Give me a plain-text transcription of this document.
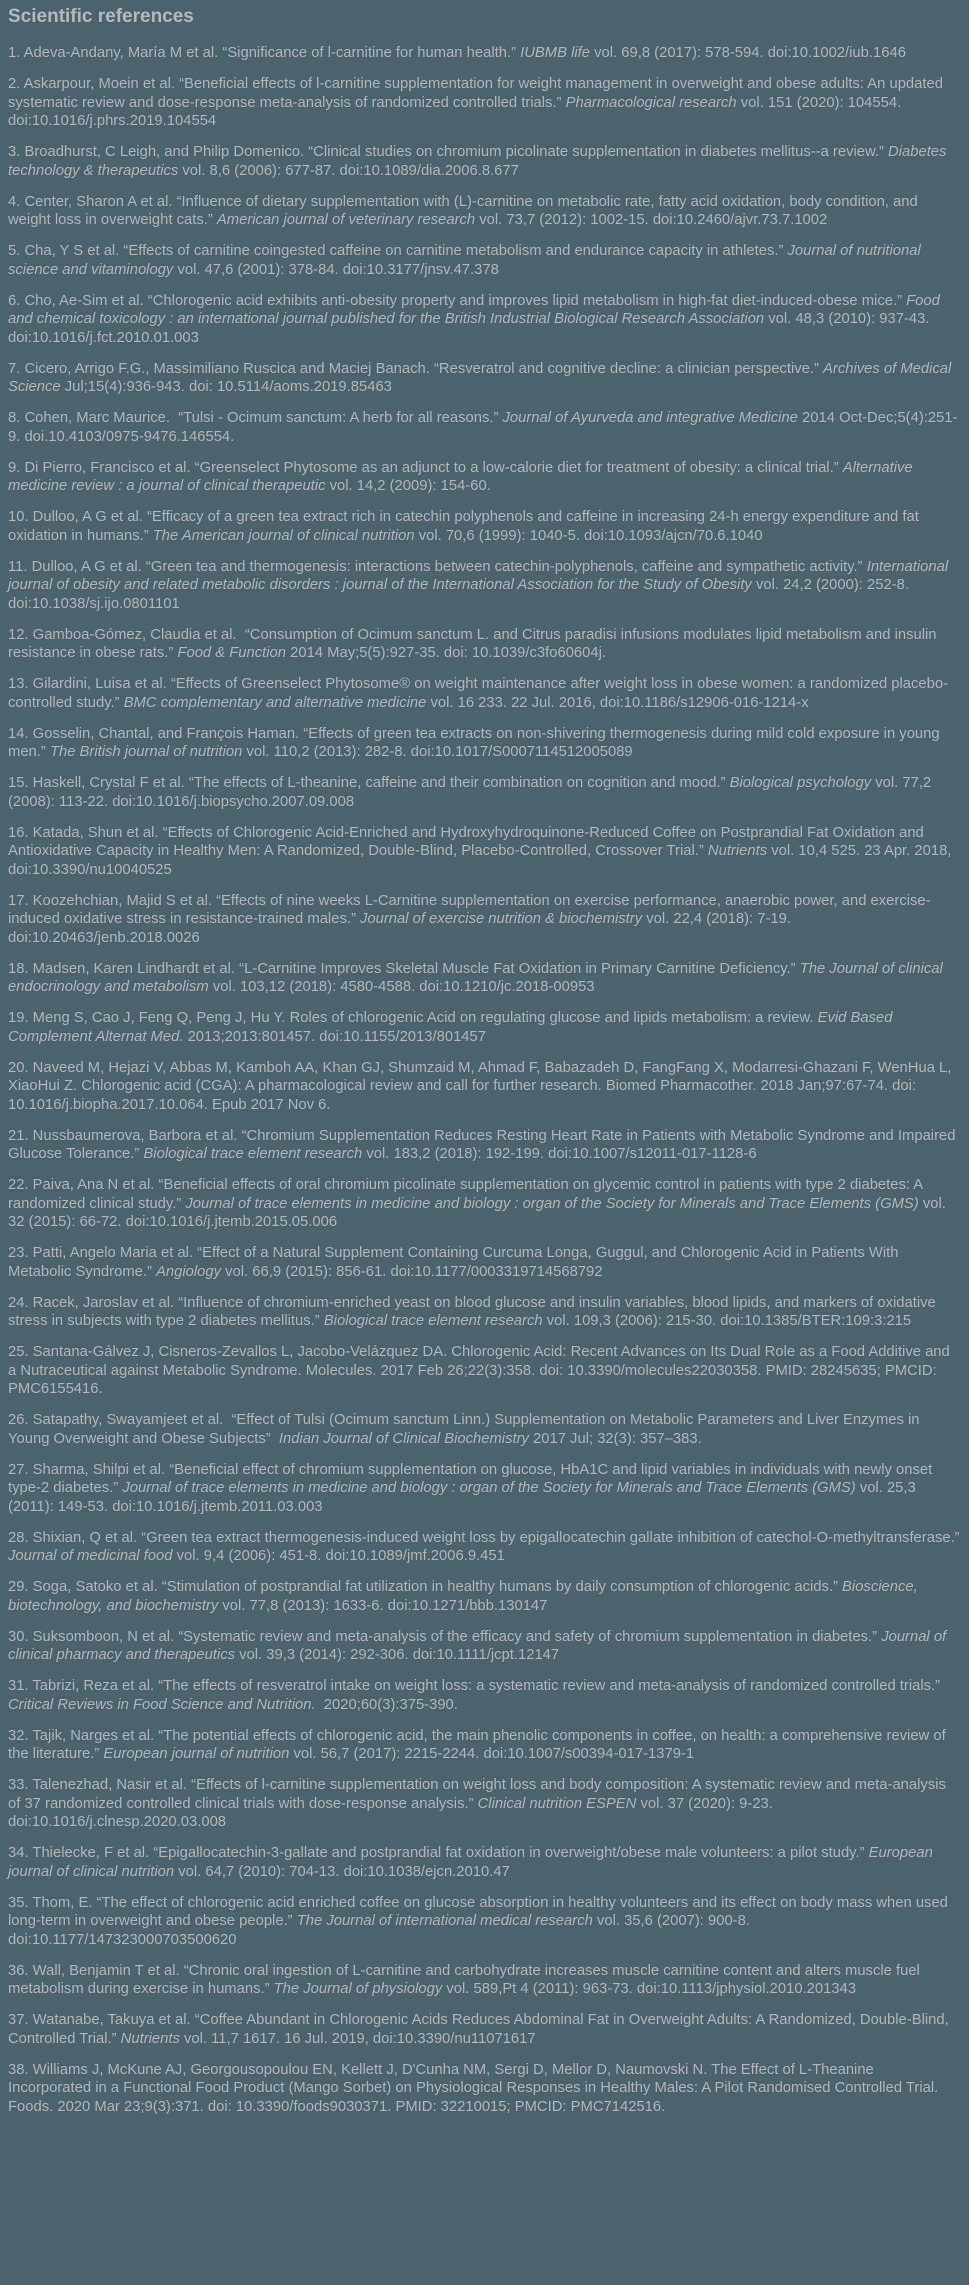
Scientific references

1. Adeva-Andany, María M et al. “Significance of l-carnitine for human health.” IUBMB life vol. 69,8 (2017): 578-594. doi:10.1002/iub.1646

2. Askarpour, Moein et al. “Beneficial effects of l-carnitine supplementation for weight management in overweight and obese adults: An updated systematic review and dose-response meta-analysis of randomized controlled trials.” Pharmacological research vol. 151 (2020): 104554. doi:10.1016/j.phrs.2019.104554

3. Broadhurst, C Leigh, and Philip Domenico. “Clinical studies on chromium picolinate supplementation in diabetes mellitus--a review.” Diabetes technology & therapeutics vol. 8,6 (2006): 677-87. doi:10.1089/dia.2006.8.677

4. Center, Sharon A et al. “Influence of dietary supplementation with (L)-carnitine on metabolic rate, fatty acid oxidation, body condition, and weight loss in overweight cats.” American journal of veterinary research vol. 73,7 (2012): 1002-15. doi:10.2460/ajvr.73.7.1002

5. Cha, Y S et al. “Effects of carnitine coingested caffeine on carnitine metabolism and endurance capacity in athletes.” Journal of nutritional science and vitaminology vol. 47,6 (2001): 378-84. doi:10.3177/jnsv.47.378

6. Cho, Ae-Sim et al. “Chlorogenic acid exhibits anti-obesity property and improves lipid metabolism in high-fat diet-induced-obese mice.” Food and chemical toxicology : an international journal published for the British Industrial Biological Research Association vol. 48,3 (2010): 937-43. doi:10.1016/j.fct.2010.01.003

7. Cicero, Arrigo F.G., Massimiliano Ruscica and Maciej Banach. “Resveratrol and cognitive decline: a clinician perspective.” Archives of Medical Science Jul;15(4):936-943. doi: 10.5114/aoms.2019.85463

8. Cohen, Marc Maurice.  “Tulsi - Ocimum sanctum: A herb for all reasons.” Journal of Ayurveda and integrative Medicine 2014 Oct-Dec;5(4):251-9. doi.10.4103/0975-9476.146554.

9. Di Pierro, Francisco et al. “Greenselect Phytosome as an adjunct to a low-calorie diet for treatment of obesity: a clinical trial.” Alternative medicine review : a journal of clinical therapeutic vol. 14,2 (2009): 154-60.

10. Dulloo, A G et al. “Efficacy of a green tea extract rich in catechin polyphenols and caffeine in increasing 24-h energy expenditure and fat oxidation in humans.” The American journal of clinical nutrition vol. 70,6 (1999): 1040-5. doi:10.1093/ajcn/70.6.1040

11. Dulloo, A G et al. “Green tea and thermogenesis: interactions between catechin-polyphenols, caffeine and sympathetic activity.” International journal of obesity and related metabolic disorders : journal of the International Association for the Study of Obesity vol. 24,2 (2000): 252-8. doi:10.1038/sj.ijo.0801101

12. Gamboa-Gómez, Claudia et al.  “Consumption of Ocimum sanctum L. and Citrus paradisi infusions modulates lipid metabolism and insulin resistance in obese rats.” Food & Function 2014 May;5(5):927-35. doi: 10.1039/c3fo60604j.

13. Gilardini, Luisa et al. “Effects of Greenselect Phytosome® on weight maintenance after weight loss in obese women: a randomized placebo-controlled study.” BMC complementary and alternative medicine vol. 16 233. 22 Jul. 2016, doi:10.1186/s12906-016-1214-x

14. Gosselin, Chantal, and François Haman. “Effects of green tea extracts on non-shivering thermogenesis during mild cold exposure in young men.” The British journal of nutrition vol. 110,2 (2013): 282-8. doi:10.1017/S0007114512005089

15. Haskell, Crystal F et al. “The effects of L-theanine, caffeine and their combination on cognition and mood.” Biological psychology vol. 77,2 (2008): 113-22. doi:10.1016/j.biopsycho.2007.09.008

16. Katada, Shun et al. “Effects of Chlorogenic Acid-Enriched and Hydroxyhydroquinone-Reduced Coffee on Postprandial Fat Oxidation and Antioxidative Capacity in Healthy Men: A Randomized, Double-Blind, Placebo-Controlled, Crossover Trial.” Nutrients vol. 10,4 525. 23 Apr. 2018, doi:10.3390/nu10040525

17. Koozehchian, Majid S et al. “Effects of nine weeks L-Carnitine supplementation on exercise performance, anaerobic power, and exercise-induced oxidative stress in resistance-trained males.” Journal of exercise nutrition & biochemistry vol. 22,4 (2018): 7-19. doi:10.20463/jenb.2018.0026

18. Madsen, Karen Lindhardt et al. “L-Carnitine Improves Skeletal Muscle Fat Oxidation in Primary Carnitine Deficiency.” The Journal of clinical endocrinology and metabolism vol. 103,12 (2018): 4580-4588. doi:10.1210/jc.2018-00953

19. Meng S, Cao J, Feng Q, Peng J, Hu Y. Roles of chlorogenic Acid on regulating glucose and lipids metabolism: a review. Evid Based Complement Alternat Med. 2013;2013:801457. doi:10.1155/2013/801457

20. Naveed M, Hejazi V, Abbas M, Kamboh AA, Khan GJ, Shumzaid M, Ahmad F, Babazadeh D, FangFang X, Modarresi-Ghazani F, WenHua L, XiaoHui Z. Chlorogenic acid (CGA): A pharmacological review and call for further research. Biomed Pharmacother. 2018 Jan;97:67-74. doi: 10.1016/j.biopha.2017.10.064. Epub 2017 Nov 6.

21. Nussbaumerova, Barbora et al. “Chromium Supplementation Reduces Resting Heart Rate in Patients with Metabolic Syndrome and Impaired Glucose Tolerance.” Biological trace element research vol. 183,2 (2018): 192-199. doi:10.1007/s12011-017-1128-6

22. Paiva, Ana N et al. “Beneficial effects of oral chromium picolinate supplementation on glycemic control in patients with type 2 diabetes: A randomized clinical study.” Journal of trace elements in medicine and biology : organ of the Society for Minerals and Trace Elements (GMS) vol. 32 (2015): 66-72. doi:10.1016/j.jtemb.2015.05.006

23. Patti, Angelo Maria et al. “Effect of a Natural Supplement Containing Curcuma Longa, Guggul, and Chlorogenic Acid in Patients With Metabolic Syndrome.” Angiology vol. 66,9 (2015): 856-61. doi:10.1177/0003319714568792

24. Racek, Jaroslav et al. “Influence of chromium-enriched yeast on blood glucose and insulin variables, blood lipids, and markers of oxidative stress in subjects with type 2 diabetes mellitus.” Biological trace element research vol. 109,3 (2006): 215-30. doi:10.1385/BTER:109:3:215

25. Santana-Gálvez J, Cisneros-Zevallos L, Jacobo-Velázquez DA. Chlorogenic Acid: Recent Advances on Its Dual Role as a Food Additive and a Nutraceutical against Metabolic Syndrome. Molecules. 2017 Feb 26;22(3):358. doi: 10.3390/molecules22030358. PMID: 28245635; PMCID: PMC6155416.

26. Satapathy, Swayamjeet et al.  “Effect of Tulsi (Ocimum sanctum Linn.) Supplementation on Metabolic Parameters and Liver Enzymes in Young Overweight and Obese Subjects”  Indian Journal of Clinical Biochemistry 2017 Jul; 32(3): 357–383.

27. Sharma, Shilpi et al. “Beneficial effect of chromium supplementation on glucose, HbA1C and lipid variables in individuals with newly onset type-2 diabetes.” Journal of trace elements in medicine and biology : organ of the Society for Minerals and Trace Elements (GMS) vol. 25,3 (2011): 149-53. doi:10.1016/j.jtemb.2011.03.003

28. Shixian, Q et al. “Green tea extract thermogenesis-induced weight loss by epigallocatechin gallate inhibition of catechol-O-methyltransferase.” Journal of medicinal food vol. 9,4 (2006): 451-8. doi:10.1089/jmf.2006.9.451

29. Soga, Satoko et al. “Stimulation of postprandial fat utilization in healthy humans by daily consumption of chlorogenic acids.” Bioscience, biotechnology, and biochemistry vol. 77,8 (2013): 1633-6. doi:10.1271/bbb.130147

30. Suksomboon, N et al. “Systematic review and meta-analysis of the efficacy and safety of chromium supplementation in diabetes.” Journal of clinical pharmacy and therapeutics vol. 39,3 (2014): 292-306. doi:10.1111/jcpt.12147

31. Tabrizi, Reza et al. “The effects of resveratrol intake on weight loss: a systematic review and meta-analysis of randomized controlled trials.” Critical Reviews in Food Science and Nutrition.  2020;60(3):375-390.

32. Tajik, Narges et al. “The potential effects of chlorogenic acid, the main phenolic components in coffee, on health: a comprehensive review of the literature.” European journal of nutrition vol. 56,7 (2017): 2215-2244. doi:10.1007/s00394-017-1379-1

33. Talenezhad, Nasir et al. “Effects of l-carnitine supplementation on weight loss and body composition: A systematic review and meta-analysis of 37 randomized controlled clinical trials with dose-response analysis.” Clinical nutrition ESPEN vol. 37 (2020): 9-23. doi:10.1016/j.clnesp.2020.03.008

34. Thielecke, F et al. “Epigallocatechin-3-gallate and postprandial fat oxidation in overweight/obese male volunteers: a pilot study.” European journal of clinical nutrition vol. 64,7 (2010): 704-13. doi:10.1038/ejcn.2010.47

35. Thom, E. “The effect of chlorogenic acid enriched coffee on glucose absorption in healthy volunteers and its effect on body mass when used long-term in overweight and obese people.” The Journal of international medical research vol. 35,6 (2007): 900-8. doi:10.1177/147323000703500620

36. Wall, Benjamin T et al. “Chronic oral ingestion of L-carnitine and carbohydrate increases muscle carnitine content and alters muscle fuel metabolism during exercise in humans.” The Journal of physiology vol. 589,Pt 4 (2011): 963-73. doi:10.1113/jphysiol.2010.201343

37. Watanabe, Takuya et al. “Coffee Abundant in Chlorogenic Acids Reduces Abdominal Fat in Overweight Adults: A Randomized, Double-Blind, Controlled Trial.” Nutrients vol. 11,7 1617. 16 Jul. 2019, doi:10.3390/nu11071617

38. Williams J, McKune AJ, Georgousopoulou EN, Kellett J, D'Cunha NM, Sergi D, Mellor D, Naumovski N. The Effect of L-Theanine Incorporated in a Functional Food Product (Mango Sorbet) on Physiological Responses in Healthy Males: A Pilot Randomised Controlled Trial. Foods. 2020 Mar 23;9(3):371. doi: 10.3390/foods9030371. PMID: 32210015; PMCID: PMC7142516.
